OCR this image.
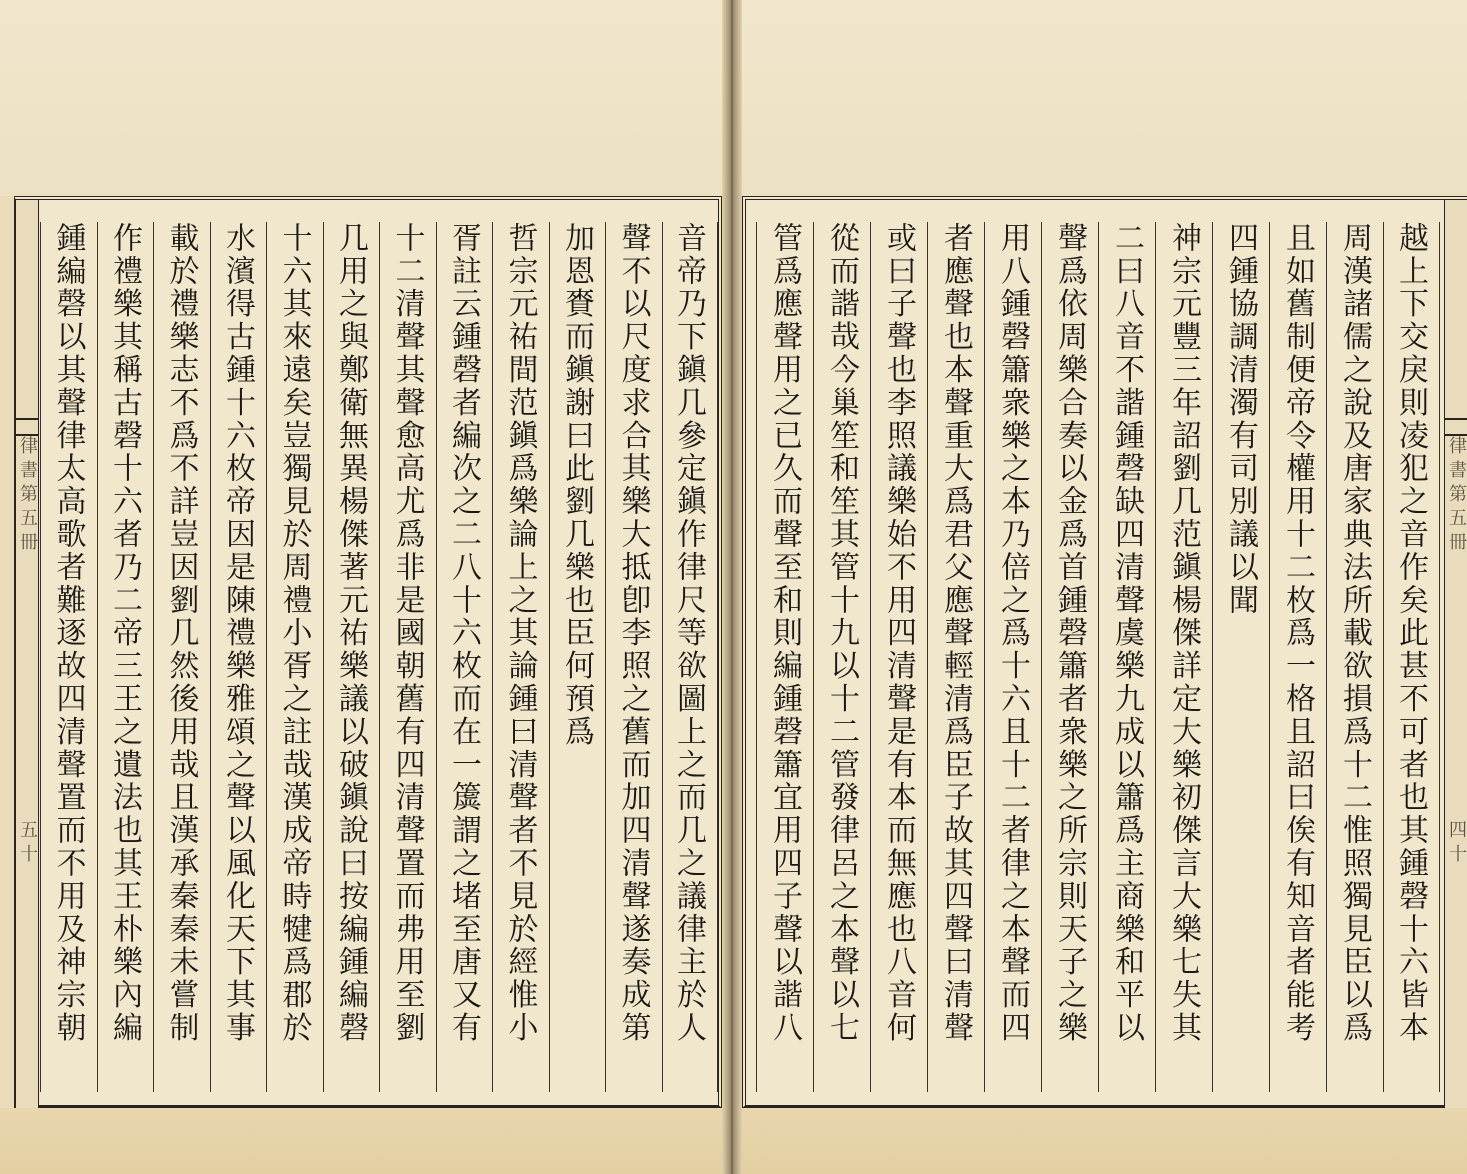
律書第五冊
五十	音帝乃下鎭几參定鎭作律尺等欲圖上之而几之議律主於人
聲不以尺度求合其樂大抵卽李照之舊而加四清聲遂奏成第
加恩賚而鎭謝曰此劉几樂也臣何預爲
哲宗元祐間范鎭爲樂論上之其論鍾曰清聲者不見於經惟小
胥註云鍾磬者編次之二八十六枚而在一簴謂之堵至唐又有
十二清聲其聲愈高尤爲非是國朝舊有四清聲置而弗用至劉
几用之與鄭衛無異楊傑著元祐樂議以破鎭說曰按編鍾編磬
十六其來遠矣豈獨見於周禮小胥之註哉漢成帝時犍爲郡於
水濱得古鍾十六枚帝因是陳禮樂雅頌之聲以風化天下其事
載於禮樂志不爲不詳豈因劉几然後用哉且漢承秦秦未嘗制
作禮樂其稱古磬十六者乃二帝三王之遺法也其王朴樂內編
鍾編磬以其聲律太高歌者難逐故四清聲置而不用及神宗朝	越上下交戾則凌犯之音作矣此甚不可者也其鍾磬十六皆本
周漢諸儒之說及唐家典法所載欲損爲十二惟照獨見臣以爲
且如舊制便帝令權用十二枚爲一格且詔曰俟有知音者能考
四鍾協調清濁有司別議以聞
神宗元豐三年詔劉几范鎭楊傑詳定大樂初傑言大樂七失其
二曰八音不諧鍾磬缺四清聲虞樂九成以簫爲主商樂和平以
聲爲依周樂合奏以金爲首鍾磬簫者衆樂之所宗則天子之樂
用八鍾磬簫衆樂之本乃倍之爲十六且十二者律之本聲而四
者應聲也本聲重大爲君父應聲輕清爲臣子故其四聲曰清聲
或曰子聲也李照議樂始不用四清聲是有本而無應也八音何
從而諧哉今巢笙和笙其管十九以十二管發律呂之本聲以七
管爲應聲用之已久而聲至和則編鍾磬簫宜用四子聲以諧八	律書第五冊
四十
